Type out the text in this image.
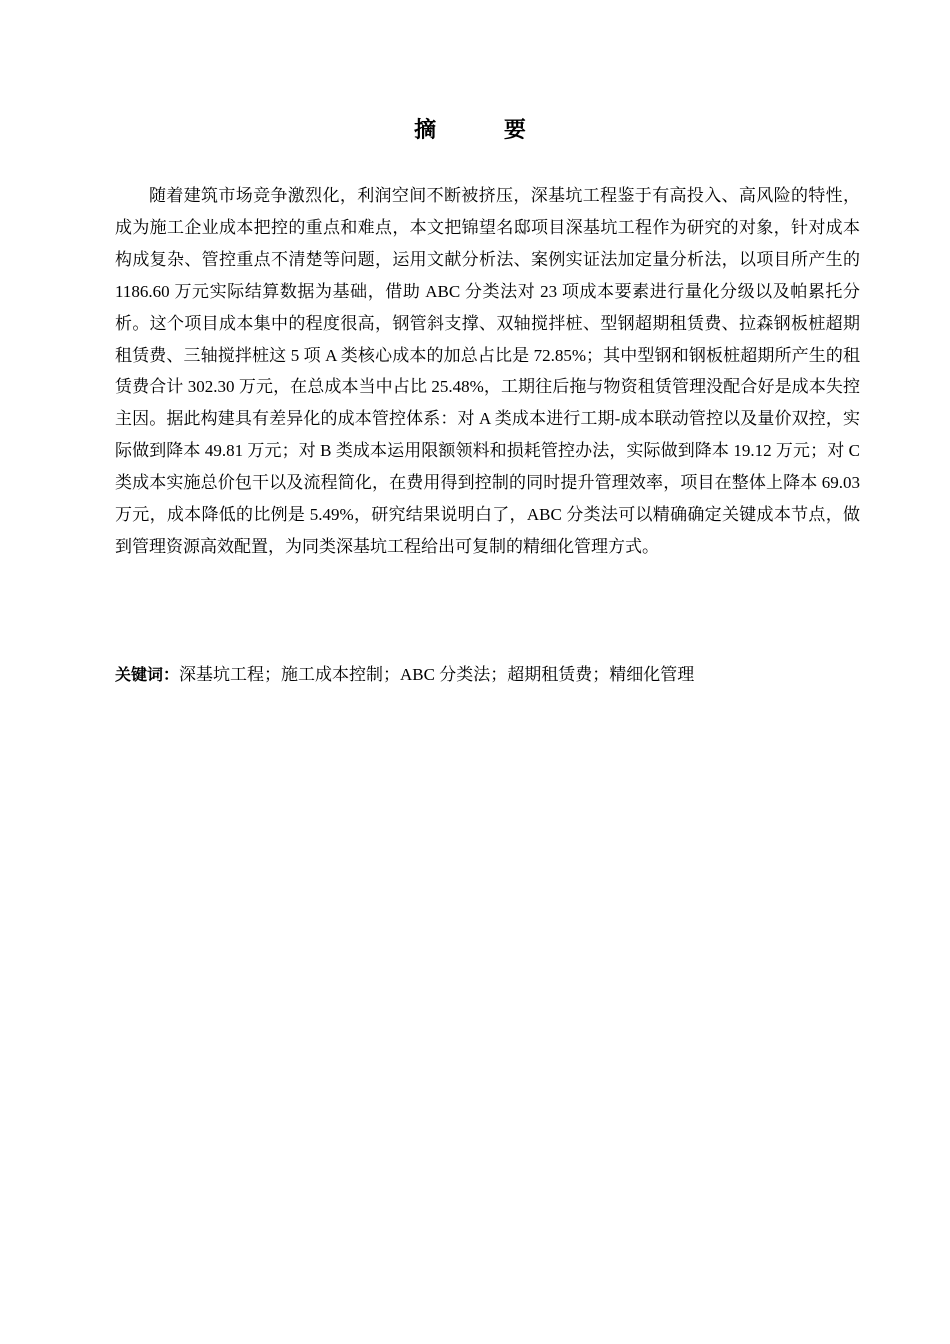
摘 要

随着建筑市场竞争激烈化，利润空间不断被挤压，深基坑工程鉴于有高投入、高风险的特性，成为施工企业成本把控的重点和难点，本文把锦望名邸项目深基坑工程作为研究的对象，针对成本构成复杂、管控重点不清楚等问题，运用文献分析法、案例实证法加定量分析法，以项目所产生的 1186.60 万元实际结算数据为基础，借助 ABC 分类法对 23 项成本要素进行量化分级以及帕累托分析。这个项目成本集中的程度很高，钢管斜支撑、双轴搅拌桩、型钢超期租赁费、拉森钢板桩超期租赁费、三轴搅拌桩这 5 项 A 类核心成本的加总占比是 72.85%；其中型钢和钢板桩超期所产生的租赁费合计 302.30 万元，在总成本当中占比 25.48%，工期往后拖与物资租赁管理没配合好是成本失控主因。据此构建具有差异化的成本管控体系：对 A 类成本进行工期-成本联动管控以及量价双控，实际做到降本 49.81 万元；对 B 类成本运用限额领料和损耗管控办法，实际做到降本 19.12 万元；对 C 类成本实施总价包干以及流程简化，在费用得到控制的同时提升管理效率，项目在整体上降本 69.03 万元，成本降低的比例是 5.49%，研究结果说明白了，ABC 分类法可以精确确定关键成本节点，做到管理资源高效配置，为同类深基坑工程给出可复制的精细化管理方式。

关键词：深基坑工程；施工成本控制；ABC 分类法；超期租赁费；精细化管理
